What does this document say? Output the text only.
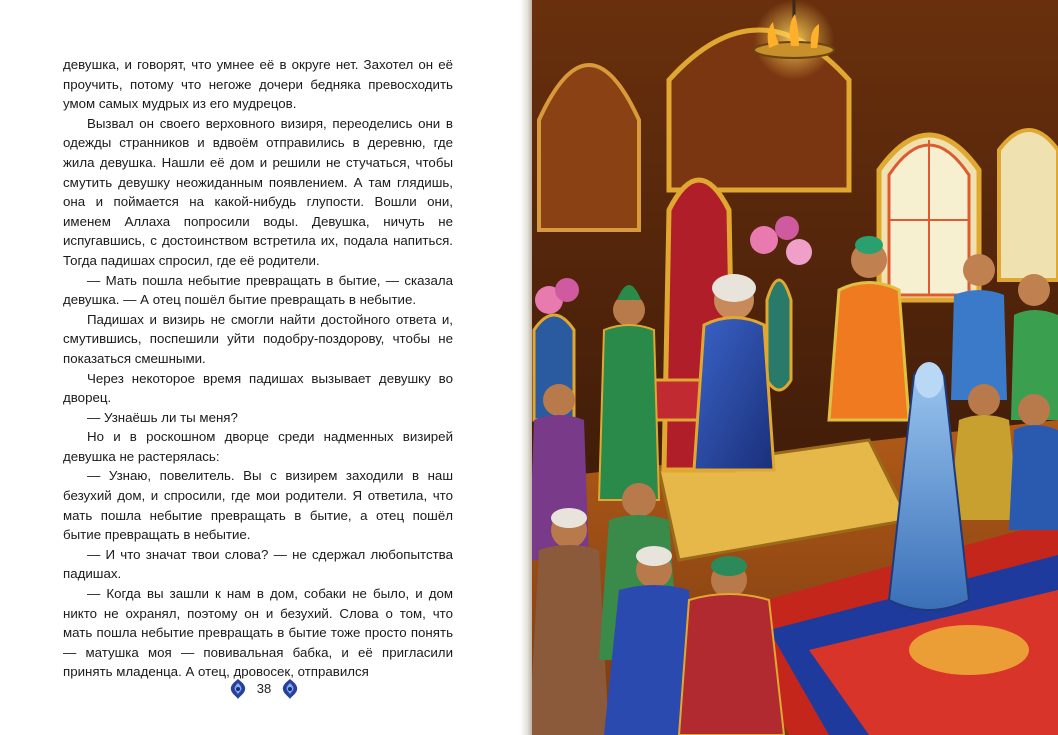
девушка, и говорят, что умнее её в округе нет. Захотел он её проучить, потому что негоже дочери бедняка превосходить умом самых мудрых из его мудрецов.

Вызвал он своего верховного визиря, переоделись они в одежды странников и вдвоём отправились в деревню, где жила девушка. Нашли её дом и решили не стучаться, чтобы смутить девушку неожиданным появлением. А там глядишь, она и поймается на какой-нибудь глупости. Вошли они, именем Аллаха попросили воды. Девушка, ничуть не испугавшись, с достоинством встретила их, подала напиться. Тогда падишах спросил, где её родители.

— Мать пошла небытие превращать в бытие, — сказала девушка. — А отец пошёл бытие превращать в небытие.

Падишах и визирь не смогли найти достойного ответа и, смутившись, поспешили уйти подобру-поздорову, чтобы не показаться смешными.

Через некоторое время падишах вызывает девушку во дворец.

— Узнаёшь ли ты меня?

Но и в роскошном дворце среди надменных визирей девушка не растерялась:

— Узнаю, повелитель. Вы с визирем заходили в наш безухий дом, и спросили, где мои родители. Я ответила, что мать пошла небытие превращать в бытие, а отец пошёл бытие превращать в небытие.

— И что значат твои слова? — не сдержал любопытства падишах.

— Когда вы зашли к нам в дом, собаки не было, и дом никто не охранял, поэтому он и безухий. Слова о том, что мать пошла небытие превращать в бытие тоже просто понять — матушка моя — повивальная бабка, и её пригласили принять младенца. А отец, дровосек, отправился

38
